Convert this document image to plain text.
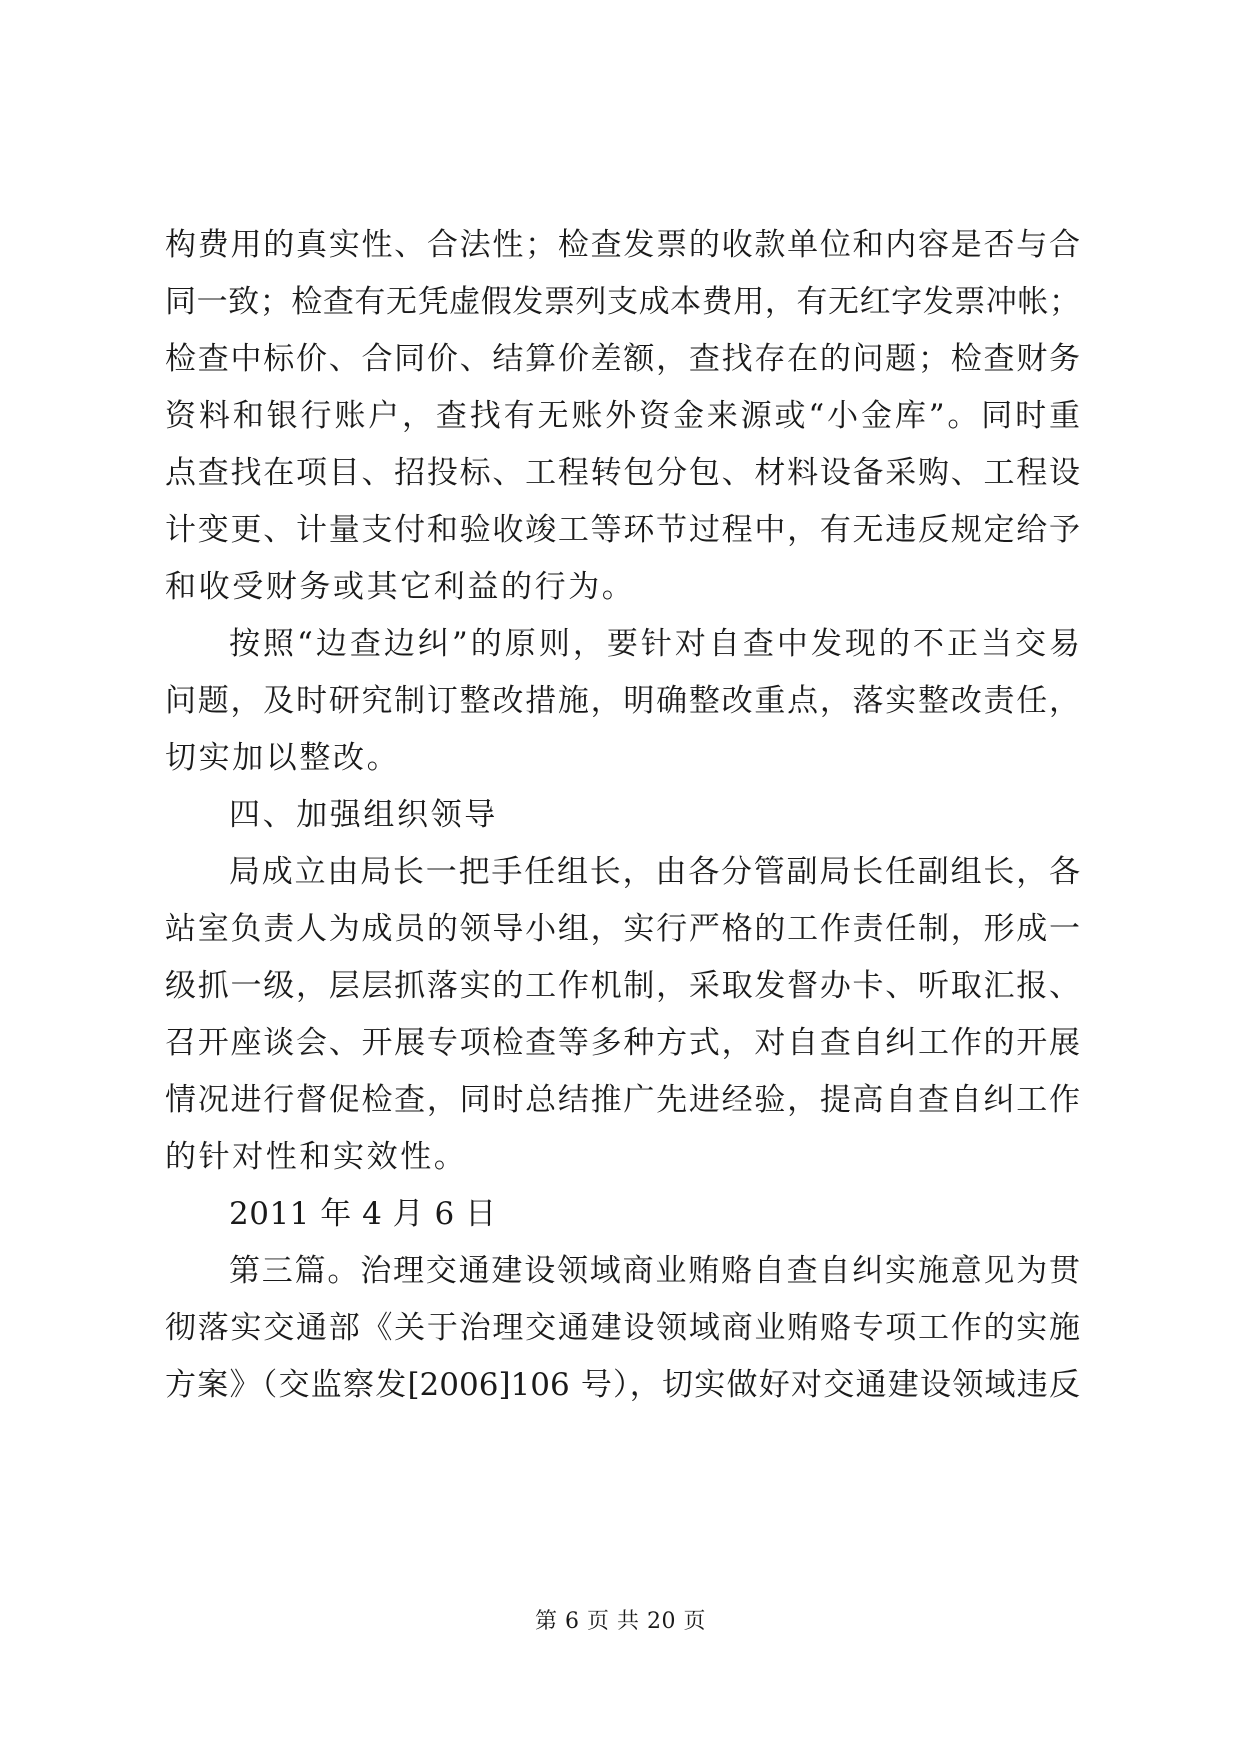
构费用的真实性、合法性；检查发票的收款单位和内容是否与合
同一致；检查有无凭虚假发票列支成本费用，有无红字发票冲帐；
检查中标价、合同价、结算价差额，查找存在的问题；检查财务
资料和银行账户，查找有无账外资金来源或“小金库”。同时重
点查找在项目、招投标、工程转包分包、材料设备采购、工程设
计变更、计量支付和验收竣工等环节过程中，有无违反规定给予
和收受财务或其它利益的行为。
按照“边查边纠”的原则，要针对自查中发现的不正当交易
问题，及时研究制订整改措施，明确整改重点，落实整改责任，
切实加以整改。
四、加强组织领导
局成立由局长一把手任组长，由各分管副局长任副组长，各
站室负责人为成员的领导小组，实行严格的工作责任制，形成一
级抓一级，层层抓落实的工作机制，采取发督办卡、听取汇报、
召开座谈会、开展专项检查等多种方式，对自查自纠工作的开展
情况进行督促检查，同时总结推广先进经验，提高自查自纠工作
的针对性和实效性。
2011 年 4 月 6 日
第三篇。治理交通建设领域商业贿赂自查自纠实施意见为贯
彻落实交通部《关于治理交通建设领域商业贿赂专项工作的实施
方案》（交监察发[2006]106 号），切实做好对交通建设领域违反
第 6 页 共 20 页
